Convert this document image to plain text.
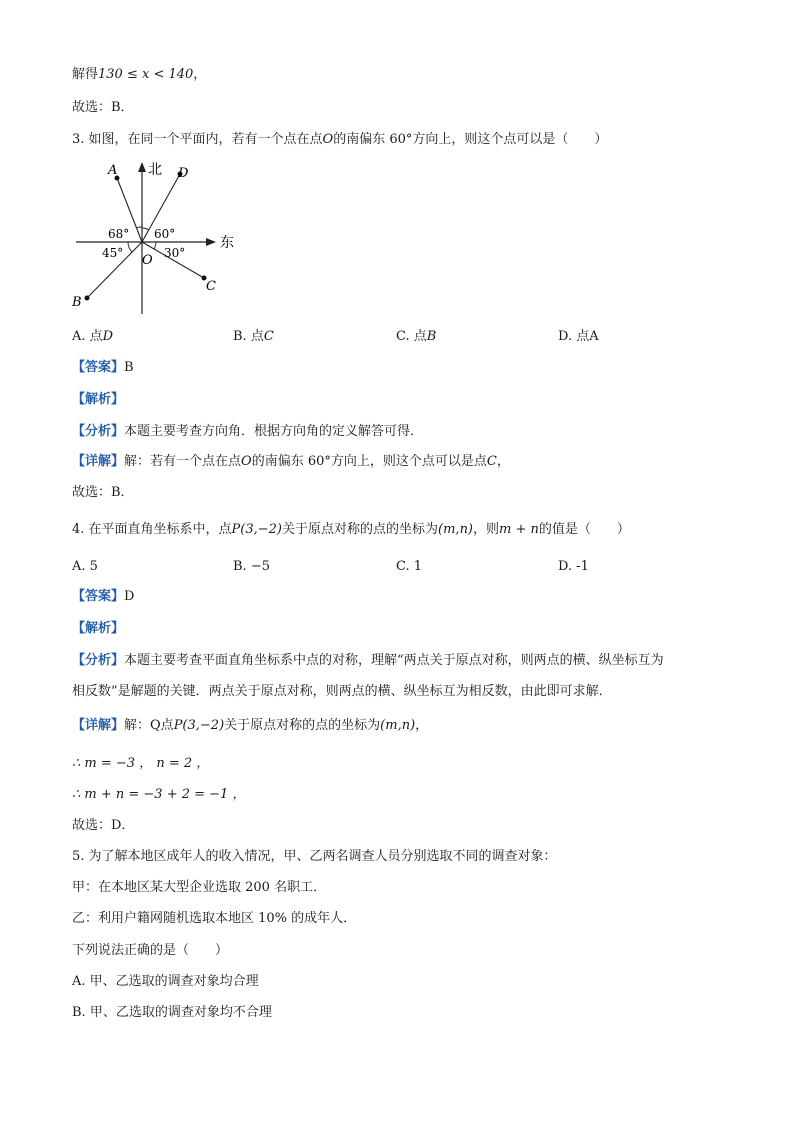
解得130 ≤ x < 140，
故选：B．
3. 如图，在同一个平面内，若有一个点在点O的南偏东 60°方向上，则这个点可以是（　　）
北
东
A	D
C
B
O
68° 60°
45°	30°
A. 点D	B. 点C	C. 点B	D. 点A
【答案】B
【解析】
【分析】本题主要考查方向角．根据方向角的定义解答可得．
【详解】解：若有一个点在点O的南偏东 60°方向上，则这个点可以是点C，
故选：B．
4. 在平面直角坐标系中，点P(3,−2)关于原点对称的点的坐标为(m,n)，则m + n的值是（　　）
A. 5	B. −5	C. 1	D. -1
【答案】D
【解析】
【分析】本题主要考查平面直角坐标系中点的对称，理解“两点关于原点对称，则两点的横、纵坐标互为
相反数”是解题的关键．两点关于原点对称，则两点的横、纵坐标互为相反数，由此即可求解．
【详解】解：Q点P(3,−2)关于原点对称的点的坐标为(m,n)，
∴ m = −3 ， n = 2 ，
∴ m + n = −3 + 2 = −1 ，
故选：D．
5. 为了解本地区成年人的收入情况，甲、乙两名调查人员分别选取不同的调查对象：
甲：在本地区某大型企业选取 200 名职工．
乙：利用户籍网随机选取本地区 10% 的成年人．
下列说法正确的是（　　）
A. 甲、乙选取的调查对象均合理
B. 甲、乙选取的调查对象均不合理
